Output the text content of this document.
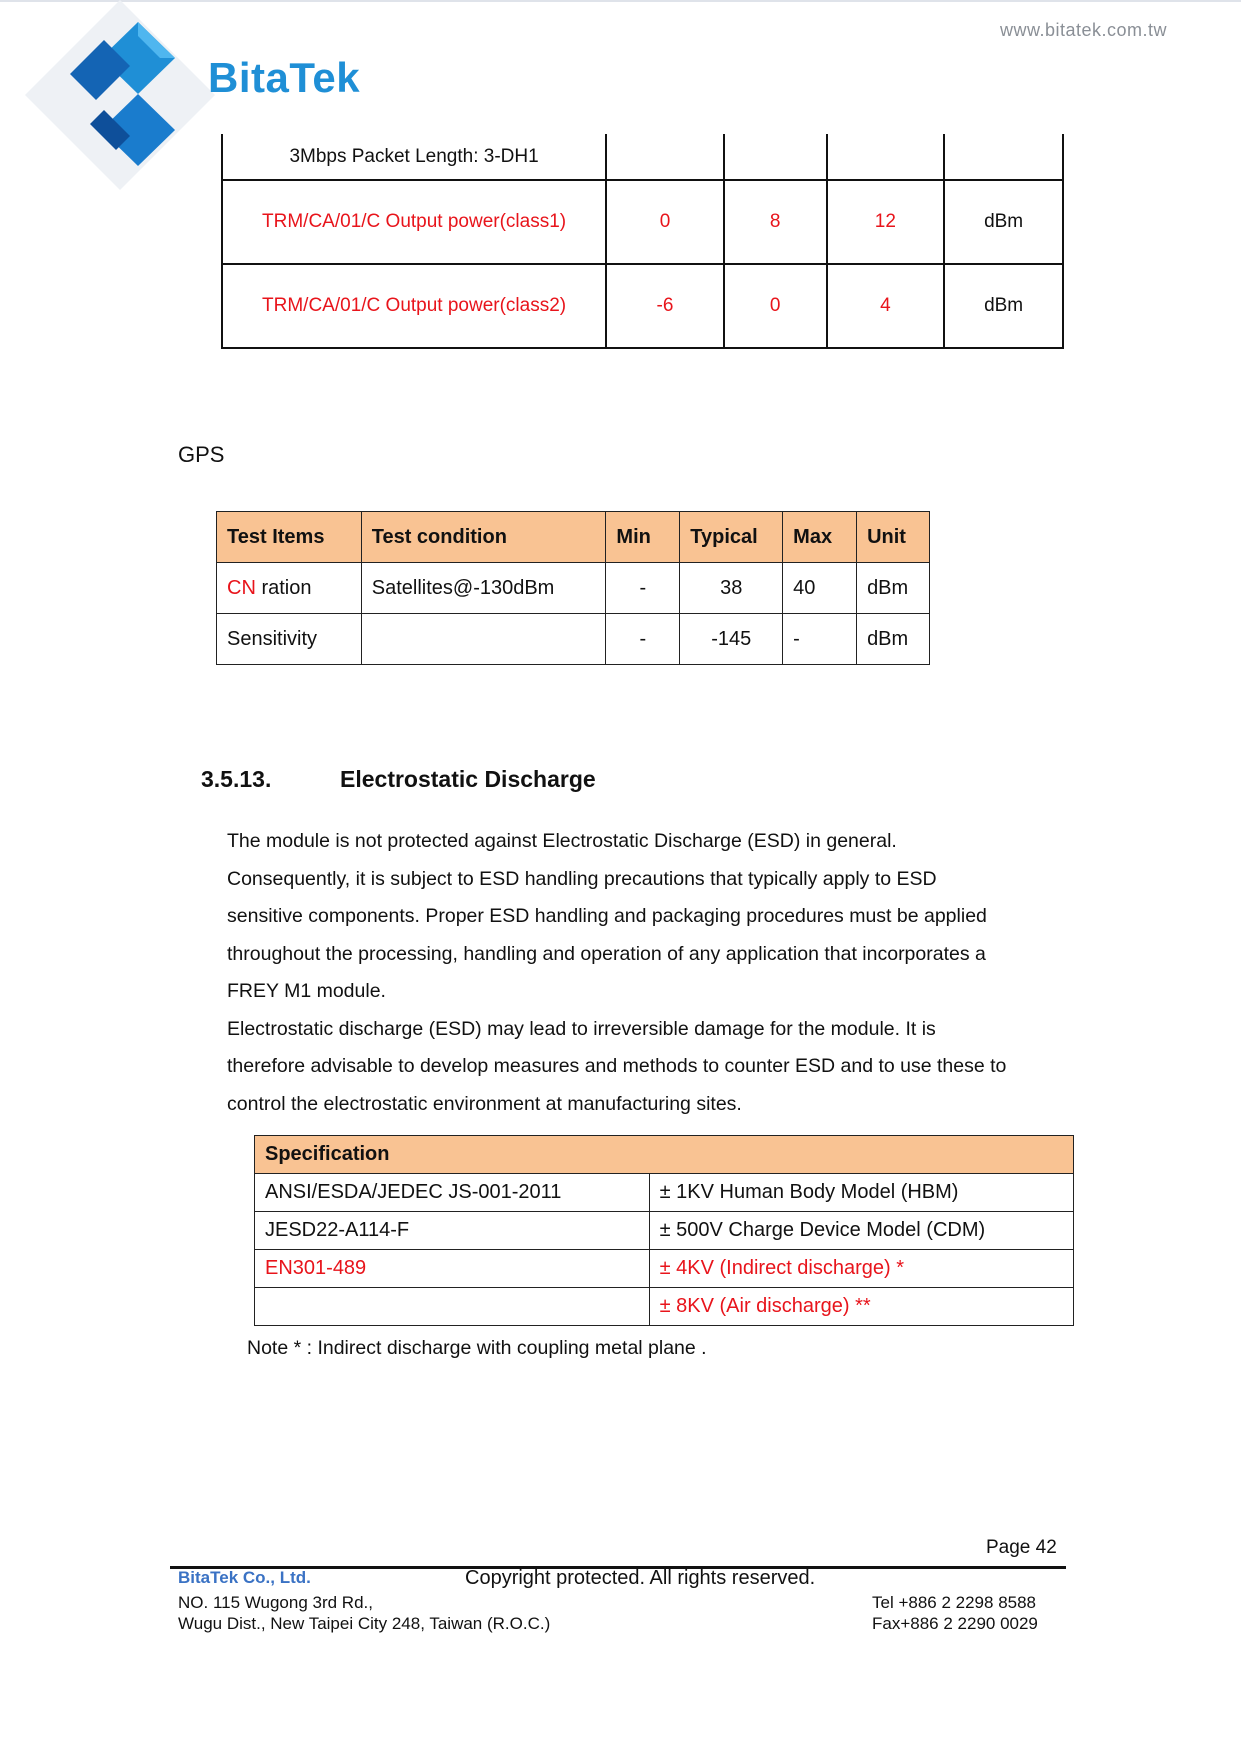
BitaTek
www.bitatek.com.tw
3Mbps Packet Length: 3-DH1				
TRM/CA/01/C Output power(class1)	0	8	12	dBm
TRM/CA/01/C Output power(class2)	-6	0	4	dBm
GPS
Test Items	Test condition	Min	Typical	Max	Unit
CN ration	Satellites@-130dBm	-	38	40	dBm
Sensitivity		-	-145	-	dBm
3.5.13.	Electrostatic Discharge
The module is not protected against Electrostatic Discharge (ESD) in general.
Consequently, it is subject to ESD handling precautions that typically apply to ESD
sensitive components. Proper ESD handling and packaging procedures must be applied
throughout the processing, handling and operation of any application that incorporates a
FREY M1 module.
Electrostatic discharge (ESD) may lead to irreversible damage for the module. It is
therefore advisable to develop measures and methods to counter ESD and to use these to
control the electrostatic environment at manufacturing sites.
Specification	
ANSI/ESDA/JEDEC JS-001-2011	± 1KV Human Body Model (HBM)
JESD22-A114-F	± 500V Charge Device Model (CDM)
EN301-489	± 4KV (Indirect discharge) *
	± 8KV (Air discharge) **
Note * : Indirect discharge with coupling metal plane .
Page 42
BitaTek Co., Ltd.	Copyright protected. All rights reserved.
NO. 115 Wugong 3rd Rd.,
Wugu Dist., New Taipei City 248, Taiwan (R.O.C.)
Tel +886 2 2298 8588
Fax+886 2 2290 0029
